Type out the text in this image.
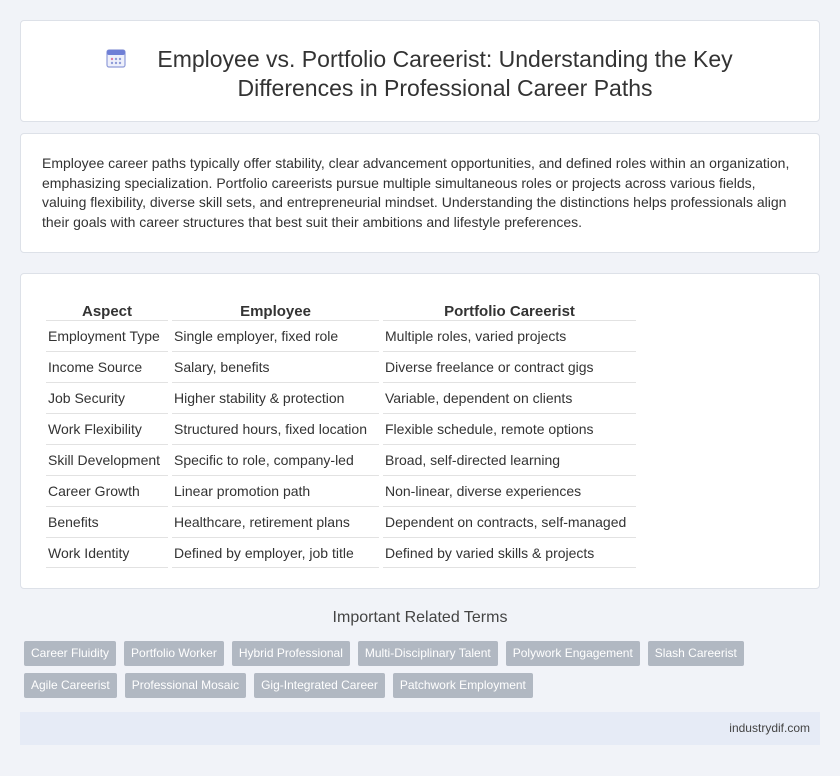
Employee vs. Portfolio Careerist: Understanding the Key Differences in Professional Career Paths

Employee career paths typically offer stability, clear advancement opportunities, and defined roles within an organization, emphasizing specialization. Portfolio careerists pursue multiple simultaneous roles or projects across various fields, valuing flexibility, diverse skill sets, and entrepreneurial mindset. Understanding the distinctions helps professionals align their goals with career structures that best suit their ambitions and lifestyle preferences.

Aspect	Employee	Portfolio Careerist
Employment Type	Single employer, fixed role	Multiple roles, varied projects
Income Source	Salary, benefits	Diverse freelance or contract gigs
Job Security	Higher stability & protection	Variable, dependent on clients
Work Flexibility	Structured hours, fixed location	Flexible schedule, remote options
Skill Development	Specific to role, company-led	Broad, self-directed learning
Career Growth	Linear promotion path	Non-linear, diverse experiences
Benefits	Healthcare, retirement plans	Dependent on contracts, self-managed
Work Identity	Defined by employer, job title	Defined by varied skills & projects
Important Related Terms
Career Fluidity	Portfolio Worker	Hybrid Professional	Multi-Disciplinary Talent	Polywork Engagement	Slash Careerist
Agile Careerist	Professional Mosaic	Gig-Integrated Career	Patchwork Employment
industrydif.com
